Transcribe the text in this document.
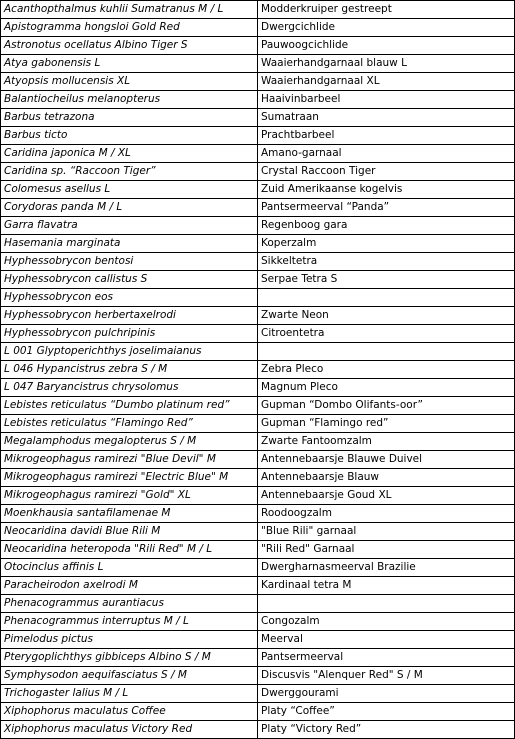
Acanthopthalmus kuhlii Sumatranus M / L	Modderkruiper gestreept
Apistogramma hongsloi Gold Red	Dwergcichlide
Astronotus ocellatus Albino Tiger S	Pauwoogcichlide
Atya gabonensis L	Waaierhandgarnaal blauw L
Atyopsis mollucensis XL	Waaierhandgarnaal XL
Balantiocheilus melanopterus	Haaivinbarbeel
Barbus tetrazona	Sumatraan
Barbus ticto	Prachtbarbeel
Caridina japonica M / XL	Amano-garnaal
Caridina sp. “Raccoon Tiger”	Crystal Raccoon Tiger
Colomesus asellus L	Zuid Amerikaanse kogelvis
Corydoras panda M / L	Pantsermeerval “Panda”
Garra flavatra	Regenboog gara
Hasemania marginata	Koperzalm
Hyphessobrycon bentosi	Sikkeltetra
Hyphessobrycon callistus S	Serpae Tetra S
Hyphessobrycon eos	
Hyphessobrycon herbertaxelrodi	Zwarte Neon
Hyphessobrycon pulchripinis	Citroentetra
L 001 Glyptoperichthys joselimaianus	
L 046 Hypancistrus zebra S / M	Zebra Pleco
L 047 Baryancistrus chrysolomus	Magnum Pleco
Lebistes reticulatus “Dumbo platinum red”	Gupman “Dombo Olifants-oor”
Lebistes reticulatus “Flamingo Red”	Gupman “Flamingo red”
Megalamphodus megalopterus S / M	Zwarte Fantoomzalm
Mikrogeophagus ramirezi "Blue Devil" M	Antennebaarsje Blauwe Duivel
Mikrogeophagus ramirezi "Electric Blue" M	Antennebaarsje Blauw
Mikrogeophagus ramirezi "Gold" XL	Antennebaarsje Goud XL
Moenkhausia santafilamenae M	Roodoogzalm
Neocaridina davidi Blue Rili M	"Blue Rili" garnaal
Neocaridina heteropoda "Rili Red" M / L	"Rili Red" Garnaal
Otocinclus affinis L	Dwergharnasmeerval Brazilie
Paracheirodon axelrodi M	Kardinaal tetra M
Phenacogrammus aurantiacus	
Phenacogrammus interruptus M / L	Congozalm
Pimelodus pictus	Meerval
Pterygoplichthys gibbiceps Albino S / M	Pantsermeerval
Symphysodon aequifasciatus S / M	Discusvis "Alenquer Red" S / M
Trichogaster lalius M / L	Dwerggourami
Xiphophorus maculatus Coffee	Platy “Coffee”
Xiphophorus maculatus Victory Red	Platy “Victory Red”
